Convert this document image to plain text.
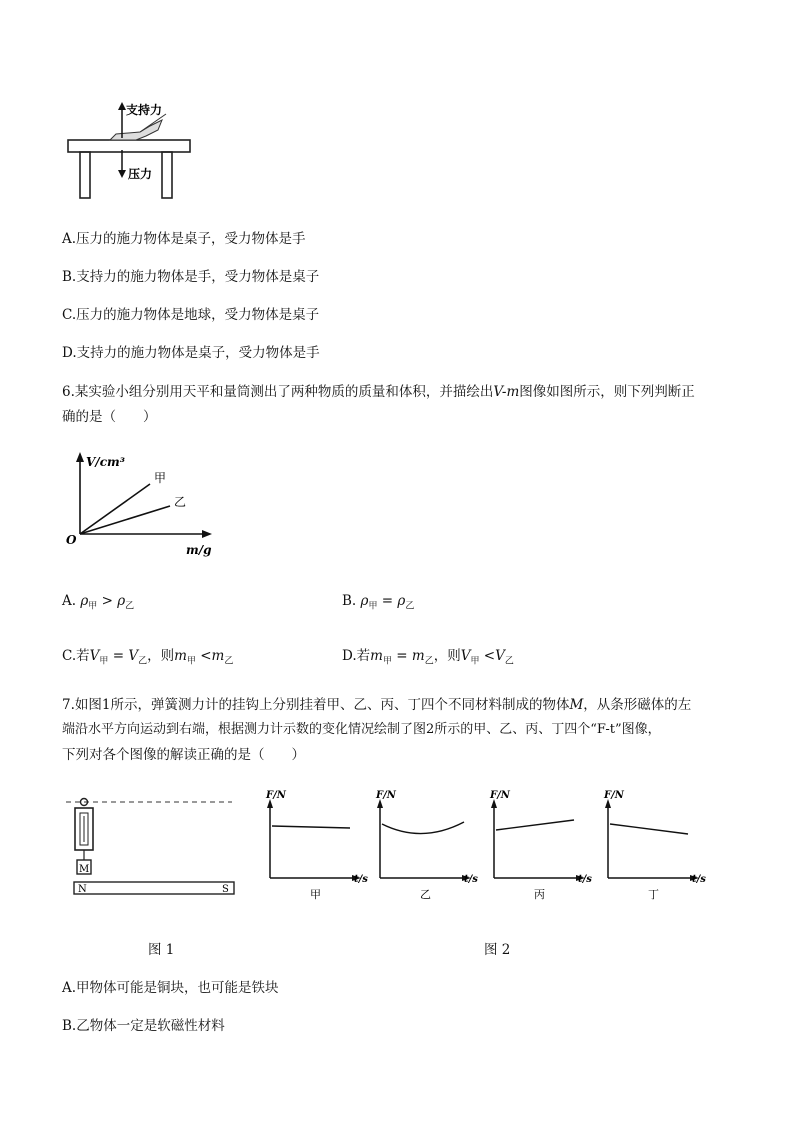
支持力
压力
A.压力的施力物体是桌子，受力物体是手
B.支持力的施力物体是手，受力物体是桌子
C.压力的施力物体是地球，受力物体是桌子
D.支持力的施力物体是桌子，受力物体是手
6.某实验小组分别用天平和量筒测出了两种物质的质量和体积，并描绘出V-m图像如图所示，则下列判断正
确的是（　　）
V/cm³
m/g
O
甲
乙
A. $\rho_甲 > \rho_乙$	B. $\rho_甲 = \rho_乙$
C.若$V_甲 = V_乙$，则$m_甲 <m_乙$	D.若$m_甲 = m_乙$，则$V_甲 <V_乙$
7.如图1所示，弹簧测力计的挂钩上分别挂着甲、乙、丙、丁四个不同材料制成的物体M，从条形磁体的左
端沿水平方向运动到右端，根据测力计示数的变化情况绘制了图2所示的甲、乙、丙、丁四个“F-t”图像，
下列对各个图像的解读正确的是（　　）
M
N	S
F/N
t/s
甲
F/N
t/s
乙
F/N
t/s
丙
F/N
t/s
丁
图 1	图 2
A.甲物体可能是铜块，也可能是铁块
B.乙物体一定是软磁性材料
